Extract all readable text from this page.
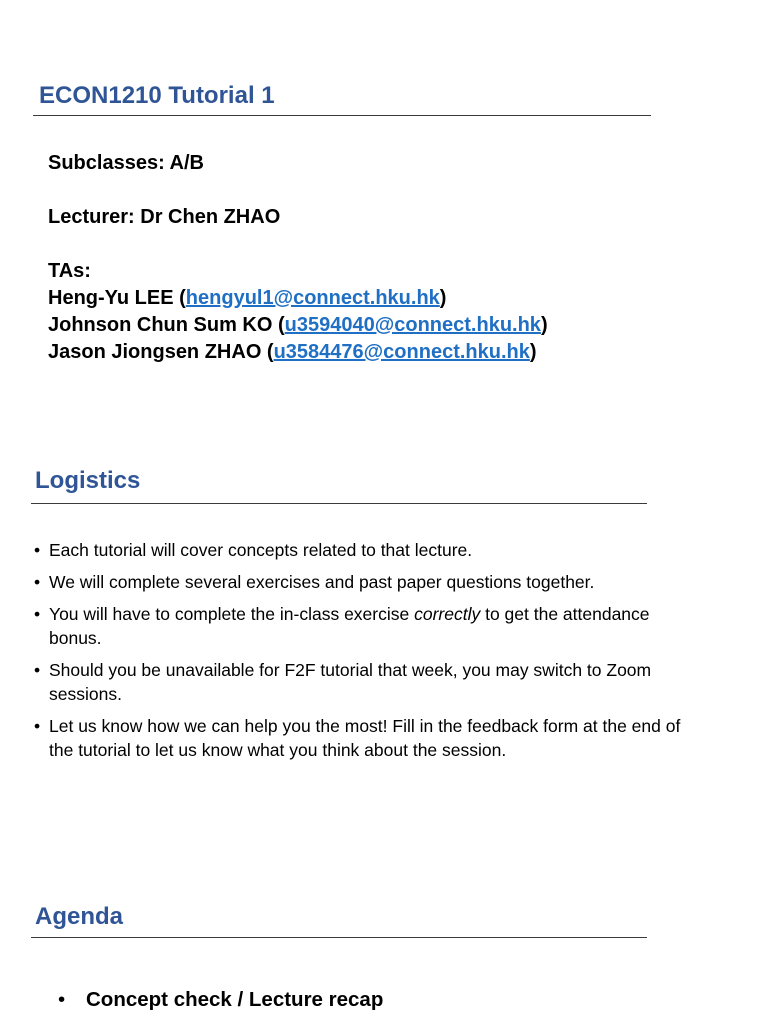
ECON1210 Tutorial 1

Subclasses: A/B

Lecturer: Dr Chen ZHAO

TAs:

Heng-Yu LEE (hengyul1@connect.hku.hk)

Johnson Chun Sum KO (u3594040@connect.hku.hk)

Jason Jiongsen ZHAO (u3584476@connect.hku.hk)

Logistics
• Each tutorial will cover concepts related to that lecture.
• We will complete several exercises and past paper questions together.
• You will have to complete the in-class exercise correctly to get the attendance bonus.
• Should you be unavailable for F2F tutorial that week, you may switch to Zoom sessions.
• Let us know how we can help you the most! Fill in the feedback form at the end of the tutorial to let us know what you think about the session.
Agenda

• Concept check / Lecture recap
